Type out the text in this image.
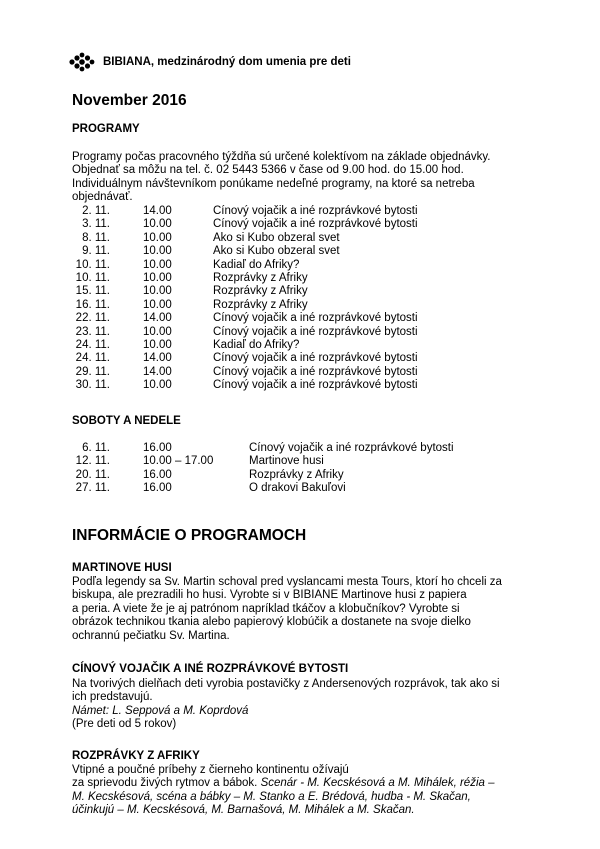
BIBIANA, medzinárodný dom umenia pre deti
November 2016
PROGRAMY
Programy počas pracovného týždňa sú určené kolektívom na základe objednávky.
Objednať sa môžu na tel. č. 02 5443 5366 v čase od 9.00 hod. do 15.00 hod.
Individuálnym návštevníkom ponúkame nedeľné programy, na ktoré sa netreba
objednávať.
2. 11.	14.00	Cínový vojačik a iné rozprávkové bytosti
3. 11.	10.00	Cínový vojačik a iné rozprávkové bytosti
8. 11.	10.00	Ako si Kubo obzeral svet
9. 11.	10.00	Ako si Kubo obzeral svet
10. 11.	10.00	Kadiaľ do Afriky?
10. 11.	10.00	Rozprávky z Afriky
15. 11.	10.00	Rozprávky z Afriky
16. 11.	10.00	Rozprávky z Afriky
22. 11.	14.00	Cínový vojačik a iné rozprávkové bytosti
23. 11.	10.00	Cínový vojačik a iné rozprávkové bytosti
24. 11.	10.00	Kadiaľ do Afriky?
24. 11.	14.00	Cínový vojačik a iné rozprávkové bytosti
29. 11.	14.00	Cínový vojačik a iné rozprávkové bytosti
30. 11.	10.00	Cínový vojačik a iné rozprávkové bytosti
SOBOTY A NEDELE
6. 11.	16.00	Cínový vojačik a iné rozprávkové bytosti
12. 11.	10.00 – 17.00	Martinove husi
20. 11.	16.00	Rozprávky z Afriky
27. 11.	16.00	O drakovi Bakuľovi
INFORMÁCIE O PROGRAMOCH
MARTINOVE HUSI
Podľa legendy sa Sv. Martin schoval pred vyslancami mesta Tours, ktorí ho chceli za
biskupa, ale prezradili ho husi. Vyrobte si v BIBIANE Martinove husi z papiera
a peria. A viete že je aj patrónom napríklad tkáčov a klobučníkov? Vyrobte si
obrázok technikou tkania alebo papierový klobúčik a dostanete na svoje dielko
ochrannú pečiatku Sv. Martina.
CÍNOVÝ VOJAČIK A INÉ ROZPRÁVKOVÉ BYTOSTI
Na tvorivých dielňach deti vyrobia postavičky z Andersenových rozprávok, tak ako si
ich predstavujú.
Námet: L. Seppová a M. Koprdová
(Pre deti od 5 rokov)
ROZPRÁVKY Z AFRIKY
Vtipné a poučné príbehy z čierneho kontinentu ožívajú
za sprievodu živých rytmov a bábok. Scenár - M. Kecskésová a M. Mihálek, réžia –
M. Kecskésová, scéna a bábky – M. Stanko a E. Brédová, hudba - M. Skačan,
účinkujú – M. Kecskésová, M. Barnašová, M. Mihálek a M. Skačan.
